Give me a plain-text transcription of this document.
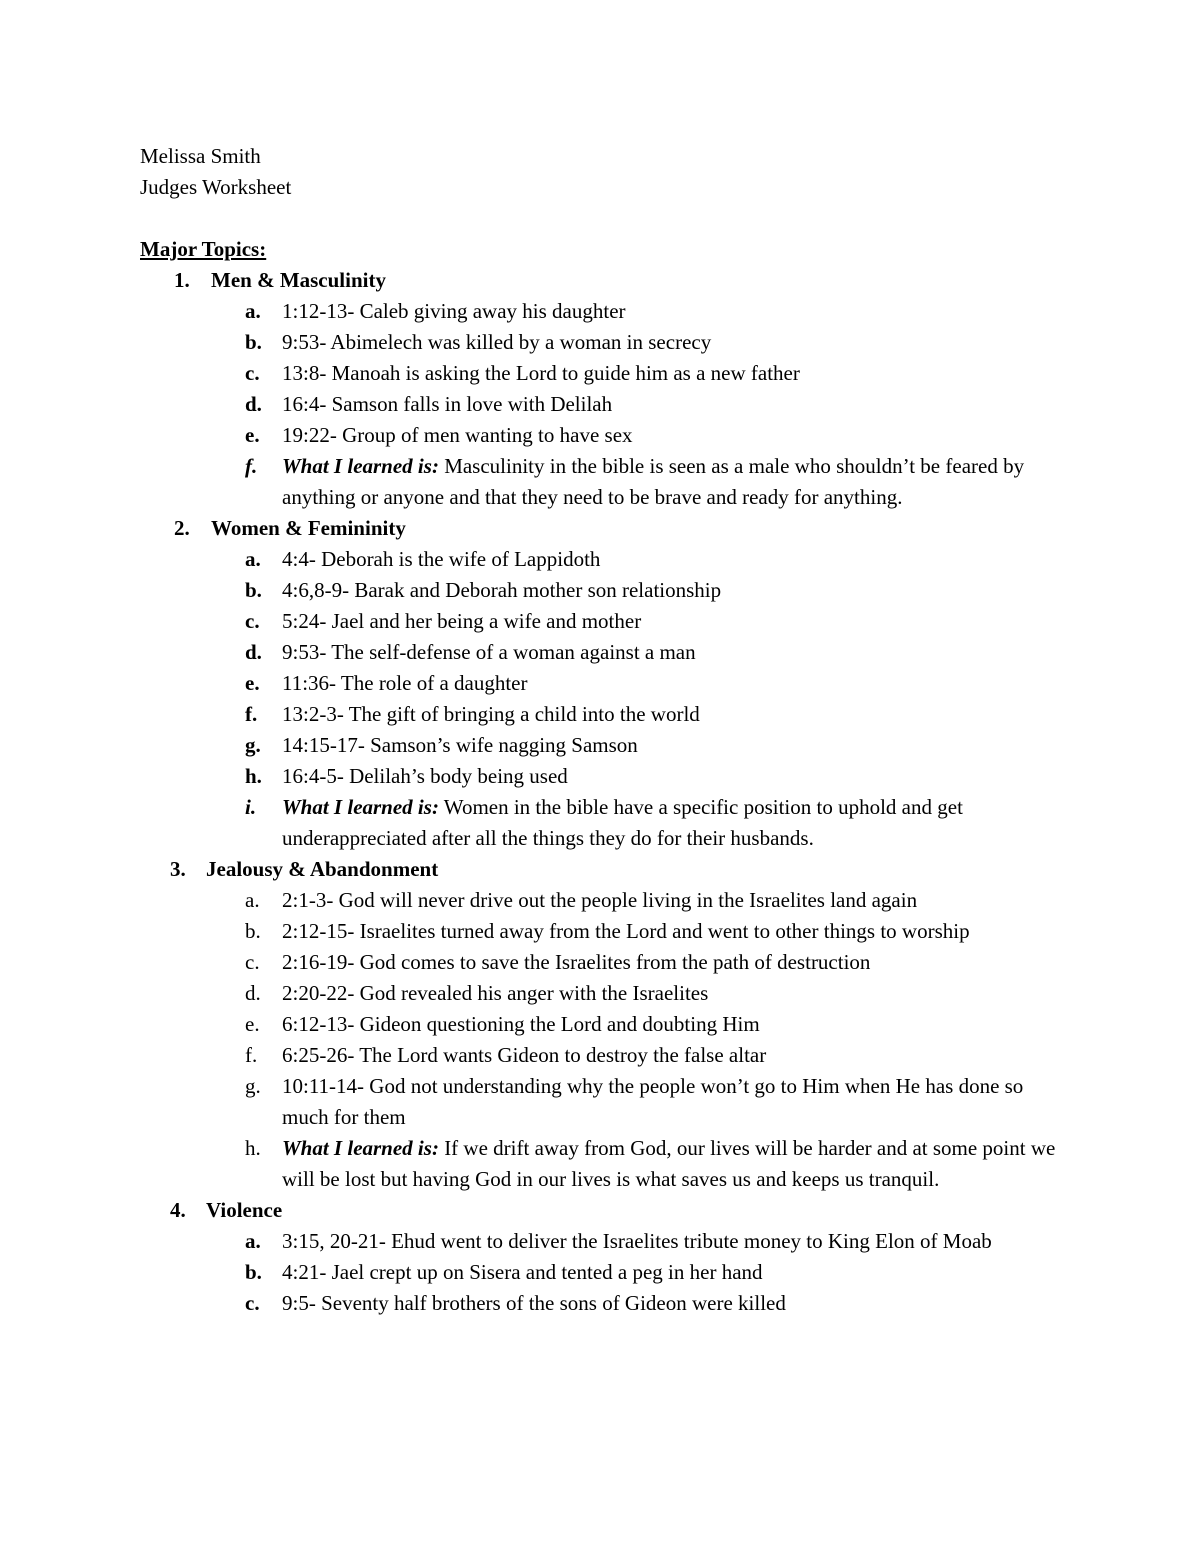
Melissa Smith
Judges Worksheet
Major Topics:
1. Men & Masculinity
a. 1:12-13- Caleb giving away his daughter
b. 9:53- Abimelech was killed by a woman in secrecy
c. 13:8- Manoah is asking the Lord to guide him as a new father
d. 16:4- Samson falls in love with Delilah
e. 19:22- Group of men wanting to have sex
f. What I learned is: Masculinity in the bible is seen as a male who shouldn’t be feared by anything or anyone and that they need to be brave and ready for anything.
2. Women & Femininity
a. 4:4- Deborah is the wife of Lappidoth
b. 4:6,8-9- Barak and Deborah mother son relationship
c. 5:24- Jael and her being a wife and mother
d. 9:53- The self-defense of a woman against a man
e. 11:36- The role of a daughter
f. 13:2-3- The gift of bringing a child into the world
g. 14:15-17- Samson’s wife nagging Samson
h. 16:4-5- Delilah’s body being used
i. What I learned is: Women in the bible have a specific position to uphold and get underappreciated after all the things they do for their husbands.
3. Jealousy & Abandonment
a. 2:1-3- God will never drive out the people living in the Israelites land again
b. 2:12-15- Israelites turned away from the Lord and went to other things to worship
c. 2:16-19- God comes to save the Israelites from the path of destruction
d. 2:20-22- God revealed his anger with the Israelites
e. 6:12-13- Gideon questioning the Lord and doubting Him
f. 6:25-26- The Lord wants Gideon to destroy the false altar
g. 10:11-14- God not understanding why the people won’t go to Him when He has done so much for them
h. What I learned is: If we drift away from God, our lives will be harder and at some point we will be lost but having God in our lives is what saves us and keeps us tranquil.
4. Violence
a. 3:15, 20-21- Ehud went to deliver the Israelites tribute money to King Elon of Moab
b. 4:21- Jael crept up on Sisera and tented a peg in her hand
c. 9:5- Seventy half brothers of the sons of Gideon were killed
